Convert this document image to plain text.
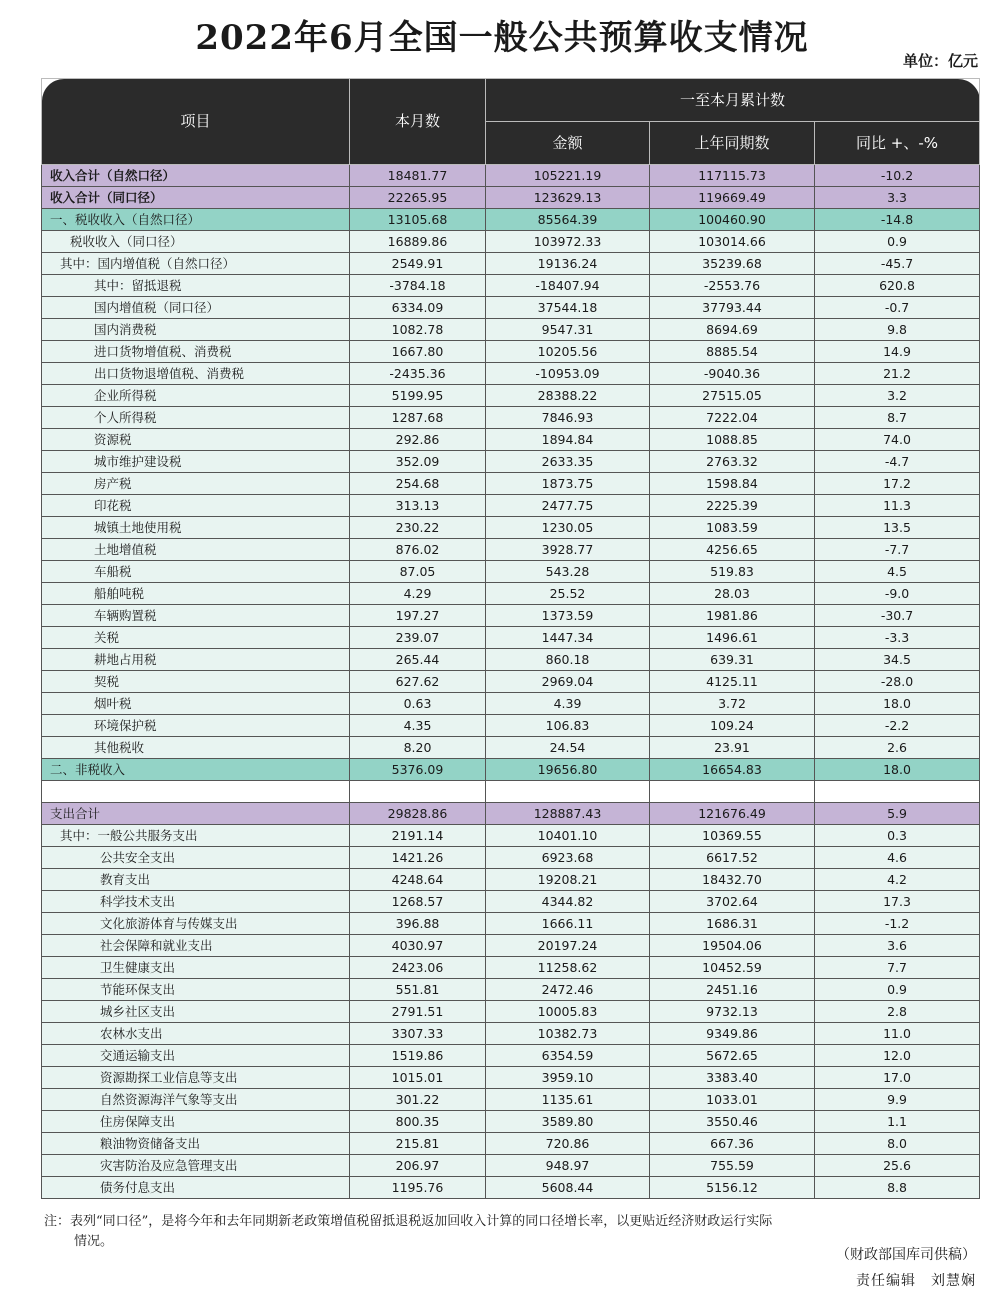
2022年6月全国一般公共预算收支情况
单位：亿元
项目	本月数	一至本月累计数		
		金额	上年同期数	同比 +、-%
收入合计（自然口径）	18481.77	105221.19	117115.73	-10.2
收入合计（同口径）	22265.95	123629.13	119669.49	3.3
一、税收收入（自然口径）	13105.68	85564.39	100460.90	-14.8
税收收入（同口径）	16889.86	103972.33	103014.66	0.9
其中：国内增值税（自然口径）	2549.91	19136.24	35239.68	-45.7
其中：留抵退税	-3784.18	-18407.94	-2553.76	620.8
国内增值税（同口径）	6334.09	37544.18	37793.44	-0.7
国内消费税	1082.78	9547.31	8694.69	9.8
进口货物增值税、消费税	1667.80	10205.56	8885.54	14.9
出口货物退增值税、消费税	-2435.36	-10953.09	-9040.36	21.2
企业所得税	5199.95	28388.22	27515.05	3.2
个人所得税	1287.68	7846.93	7222.04	8.7
资源税	292.86	1894.84	1088.85	74.0
城市维护建设税	352.09	2633.35	2763.32	-4.7
房产税	254.68	1873.75	1598.84	17.2
印花税	313.13	2477.75	2225.39	11.3
城镇土地使用税	230.22	1230.05	1083.59	13.5
土地增值税	876.02	3928.77	4256.65	-7.7
车船税	87.05	543.28	519.83	4.5
船舶吨税	4.29	25.52	28.03	-9.0
车辆购置税	197.27	1373.59	1981.86	-30.7
关税	239.07	1447.34	1496.61	-3.3
耕地占用税	265.44	860.18	639.31	34.5
契税	627.62	2969.04	4125.11	-28.0
烟叶税	0.63	4.39	3.72	18.0
环境保护税	4.35	106.83	109.24	-2.2
其他税收	8.20	24.54	23.91	2.6
二、非税收入	5376.09	19656.80	16654.83	18.0

支出合计	29828.86	128887.43	121676.49	5.9
其中：一般公共服务支出	2191.14	10401.10	10369.55	0.3
公共安全支出	1421.26	6923.68	6617.52	4.6
教育支出	4248.64	19208.21	18432.70	4.2
科学技术支出	1268.57	4344.82	3702.64	17.3
文化旅游体育与传媒支出	396.88	1666.11	1686.31	-1.2
社会保障和就业支出	4030.97	20197.24	19504.06	3.6
卫生健康支出	2423.06	11258.62	10452.59	7.7
节能环保支出	551.81	2472.46	2451.16	0.9
城乡社区支出	2791.51	10005.83	9732.13	2.8
农林水支出	3307.33	10382.73	9349.86	11.0
交通运输支出	1519.86	6354.59	5672.65	12.0
资源勘探工业信息等支出	1015.01	3959.10	3383.40	17.0
自然资源海洋气象等支出	301.22	1135.61	1033.01	9.9
住房保障支出	800.35	3589.80	3550.46	1.1
粮油物资储备支出	215.81	720.86	667.36	8.0
灾害防治及应急管理支出	206.97	948.97	755.59	25.6
债务付息支出	1195.76	5608.44	5156.12	8.8
注：表列“同口径”，是将今年和去年同期新老政策增值税留抵退税返加回收入计算的同口径增长率，以更贴近经济财政运行实际
情况。
（财政部国库司供稿）
责任编辑　刘慧娴
